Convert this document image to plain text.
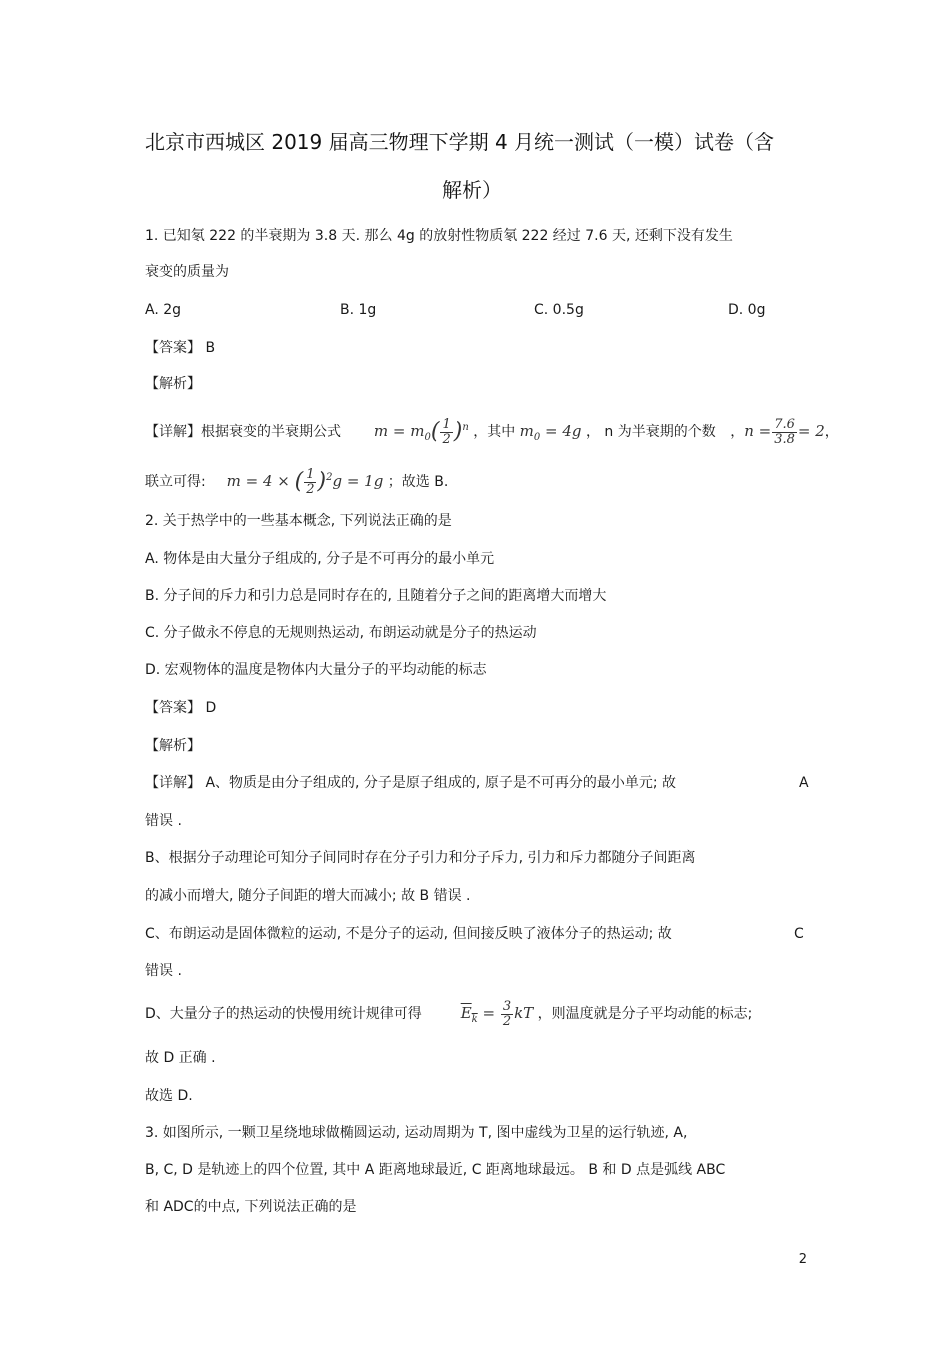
北京市西城区 2019 届高三物理下学期 4 月统一测试（一模）试卷（含
解析）
1. 已知氡 222 的半衰期为 3.8 天. 那么 4g 的放射性物质氡 222 经过 7.6 天, 还剩下没有发生
衰变的质量为
A. 2g	B. 1g	C. 0.5g	D. 0g
【答案】 B
【解析】
【详解】根据衰变的半衰期公式 $m = m_0( \frac{1}{2} )^n$ ，其中 $m_0 = 4g$ ， n 为半衰期的个数 ，$n = \frac{7.6}{3.8} = 2$，
联立可得: m = 4 × ( $\frac{1}{2} )^2g = 1g$ ；故选 B.
2. 关于热学中的一些基本概念, 下列说法正确的是
A. 物体是由大量分子组成的, 分子是不可再分的最小单元
B. 分子间的斥力和引力总是同时存在的, 且随着分子之间的距离增大而增大
C. 分子做永不停息的无规则热运动, 布朗运动就是分子的热运动
D. 宏观物体的温度是物体内大量分子的平均动能的标志
【答案】 D
【解析】
【详解】 A、物质是由分子组成的, 分子是原子组成的, 原子是不可再分的最小单元; 故	A
错误 .
B、根据分子动理论可知分子间同时存在分子引力和分子斥力, 引力和斥力都随分子间距离
的减小而增大, 随分子间距的增大而减小; 故 B 错误 .
C、布朗运动是固体微粒的运动, 不是分子的运动, 但间接反映了液体分子的热运动; 故	C
错误 .
D、大量分子的热运动的快慢用统计规律可得	$E_k = \frac{3}{2}$ kT ，则温度就是分子平均动能的标志;
故 D 正确 .
故选 D.
3. 如图所示, 一颗卫星绕地球做椭圆运动, 运动周期为 T, 图中虚线为卫星的运行轨迹, A,
B, C, D 是轨迹上的四个位置, 其中 A 距离地球最近, C 距离地球最远。 B 和 D 点是弧线 ABC
和 ADC的中点, 下列说法正确的是
2
